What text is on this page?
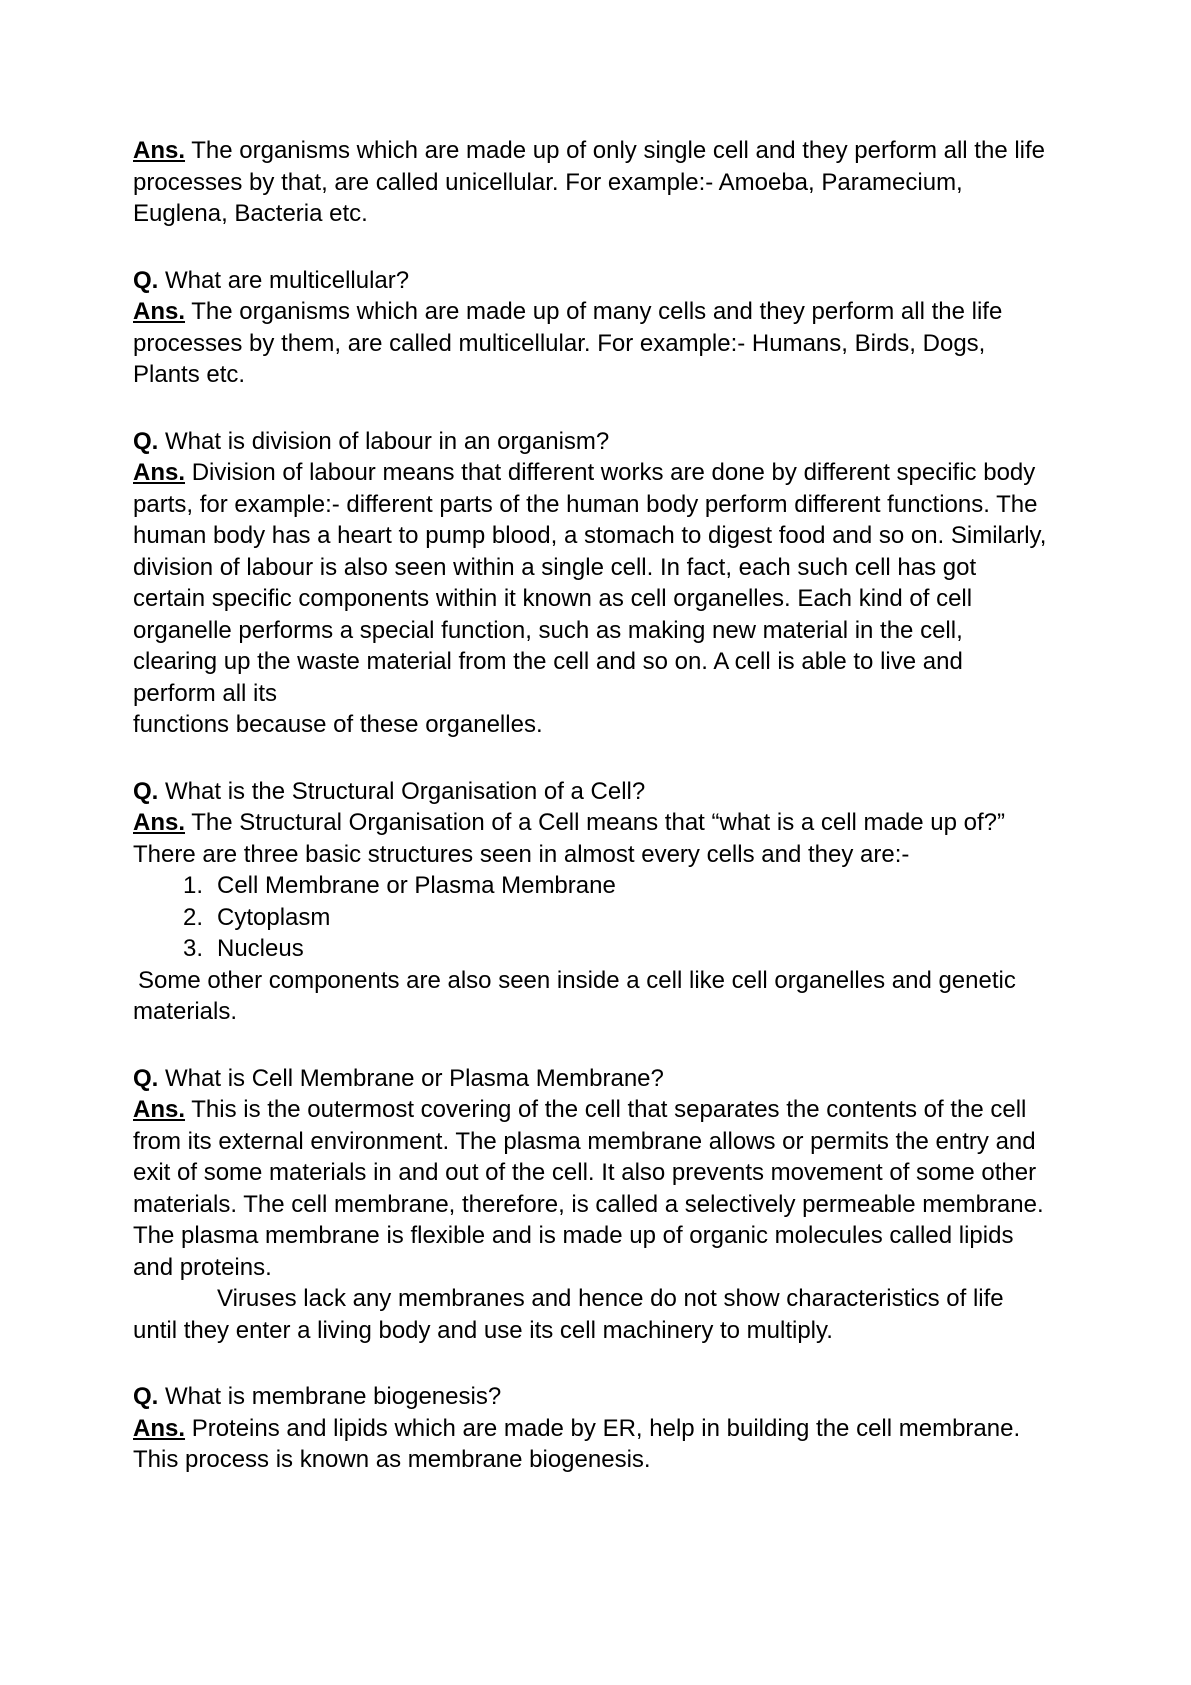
Ans. The organisms which are made up of only single cell and they perform all the life processes by that, are called unicellular. For example:- Amoeba, Paramecium, Euglena, Bacteria etc.
Q. What are multicellular?
Ans. The organisms which are made up of many cells and they perform all the life processes by them, are called multicellular. For example:- Humans, Birds, Dogs, Plants etc.
Q. What is division of labour in an organism?
Ans. Division of labour means that different works are done by different specific body parts, for example:- different parts of the human body perform different functions. The human body has a heart to pump blood, a stomach to digest food and so on. Similarly, division of labour is also seen within a single cell. In fact, each such cell has got certain specific components within it known as cell organelles. Each kind of cell organelle performs a special function, such as making new material in the cell, clearing up the waste material from the cell and so on. A cell is able to live and perform all its
functions because of these organelles.
Q. What is the Structural Organisation of a Cell?
Ans. The Structural Organisation of a Cell means that “what is a cell made up of?” There are three basic structures seen in almost every cells and they are:-
1. Cell Membrane or Plasma Membrane
2. Cytoplasm
3. Nucleus
Some other components are also seen inside a cell like cell organelles and genetic materials.
Q. What is Cell Membrane or Plasma Membrane?
Ans. This is the outermost covering of the cell that separates the contents of the cell from its external environment. The plasma membrane allows or permits the entry and exit of some materials in and out of the cell. It also prevents movement of some other materials. The cell membrane, therefore, is called a selectively permeable membrane. The plasma membrane is flexible and is made up of organic molecules called lipids
and proteins.
Viruses lack any membranes and hence do not show characteristics of life until they enter a living body and use its cell machinery to multiply.
Q. What is membrane biogenesis?
Ans. Proteins and lipids which are made by ER, help in building the cell membrane. This process is known as membrane biogenesis.
